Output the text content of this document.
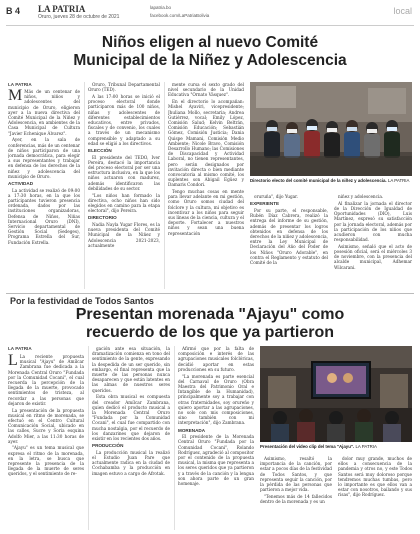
B 4 LA PATRIA
Oruro, jueves 28 de octubre de 2021
lapatria.bo
facebook.com/LaPatriaBolivia	local
Niños eligen al nuevo Comité
Municipal de la Niñez y Adolescencia
LA PATRIA

M Más de un centenar de niños, niños y adolescentes del municipio de Oruro, eligieron ayer a la nueva directiva del Comité Municipal de la Niñez y Adolescencia, en ambientes de la Casa Municipal de Cultura "Javier Echenique Álvarez".

Ayer, en la sala de conferencias, más de un centenar de niños participaron de una jornada democrática, para elegir a sus representantes y trabajar en defensa de los derechos de la niñez y adolescencia del municipio de Oruro.

ACTIVIDAD

La actividad se realizó de 09:00 a 17:30 horas, en la que los participantes tuvieron presencia ordenada, dados por las instituciones organizadoras, Defensa de Niños, Niñas Internacional Oruro (DNI), Servicio departamental de Gestión Social (Sedeges), Programa Estrella del Sur, Fundación Estrella.

Oruro, Tribunal Departamental Oruro (TED).

A las 17:00 horas se inició el proceso electoral donde participaron más de 100 niños, niñas y adolescentes de diferentes establecimientos educativos, entre privados, fiscales y de convenio, los cuales a través de un mecanismo comprensible y adaptado a su edad se eligió a los directivos.

ELECCIÓN

El presidente del TEDO, Iver Pereira, destacó la importancia del proceso electoral por ser una estructura inclusiva, en la que los niños actuaron con madurez, además identificaron las debilidades de su sector.

"Los niños han formado la directiva, ocho niños han sido elegidos en camino para la etapa electoral", dijo Pereira.

DIRECTORIO

Nadia Nayla Yugar Flores, es la nueva presidenta del Comité Municipal de la Niñez y Adolescencia 2021-2023, actualmente

mente cursa el sexto grado del nivel secundario de la Unidad Educativa "Ornato Vásquez".

En el directorio lo acompañan: Mishel Ayaviri, vicepresidente; Jhuliana Mollo, secretaria; Andrea Gutiérrez, vocal; Emily López, Comisión Salud; Kelvin Beltrán, Comisión Educación; Sebastián Gómez, Comisión Justicia; Dania Quispe Mamani, Comisión Medio Ambiente; Nicole Bravo, Comisión Desarrollo Humano; las Comisiones de Discapacidad y Actividad Laboral, no tienen representantes, pero serán designados por invitación directa o bien mediante convocatoria al mismo comité, los suplentes son Abigail Egüez y Damaris Condori.

Tengo muchas cosas en mente para llevar adelante en mi gestión, como Oruro somos ciudad del folclore y la cultura, mi objetivo es incentivar a los niños para seguir sus líneas de la ciencia, cultura y el deporte. Fortalecer a nuestros niños y sean una buena representación

Directorio electo del comité municipal de la niñez y adolescencia. LA PATRIA

oruruña", dijo Yugar.

EXPERIENTE

Por su parte, el responsable, Rubén Díaz Cabrera, realizó la entrega del informe de su gestión, además de presentar los logros obtenidos en defensa de los derechos de la niñez y adolescencia, entre la Ley Municipal de Declaración del Año del Poder de los Niños "Oruro Adorable", en contra el Reglamento y estatuto del Comité de la

niñez y adolescencia.

Al finalizar la jornada el director de la Dirección de Igualdad de Oportunidades (DIO), Luis Martínez, expresó su satisfacción por la jornada electoral, además por la participación de los niños que acudieron con mucha responsabilidad.

Asimismo, señaló que el acto de posesión oficial, será el miércoles 3 de noviembre, con la presencia del alcalde municipal, Adhemar Wilcarani.

Por la festividad de Todos Santos
Presentan morenada "Ajayu" como
recuerdo de los que ya partieron
LA PATRIA

L La reciente propuesta musical "Ajayu" de Amílcar Zambrana fue dedicada a la Morenada Central Oruro "Fundada por la Comunidad Cocani", el cual recuerda la percepción de la llegada de la muerte, provocado sentimientos de tristeza, al recordar a las personas que dejaron de existir.

La presentación de la propuesta musical en ritmo de morenada, se efectuó en el Centro Cultural Comunicación Social, ubicado en las calles, Sucre y Soria esquina Adolfo Mier, a las 11:30 horas de ayer.

"Ajayu" es un tema musical que expresa el ritmo de la morenada, en la letra, se busca que represente la presencia de la llegada de la muerte de seres queridos, y el sentimiento de re-

gación ante esa situación, la dramatización comienza en tono del sentimiento de la gente, expresando la despedida de un ser querido, sin embargo, el final representa que la muerte de las personas nunca desaparecen y que están latentes en las almas de nuestros seres queridos.

Esta obra musical es compuesta del creador Amílcar Zambrana, quien dedicó el producto musical a la Morenada Central Oruro "Fundada por la Comunidad Cocani", el cual fue compartido con mucha nostalgia, por el recuerdo de los danzarines que dejaron de existir en los recientes dos años.

PRODUCCIÓN

La producción musical la realizó el Estudio Juan Pare que actualmente radica en la ciudad de Cochabamba y la producción en imagen estuvo a cargo de Afrotak.

Afirmó que por la falta de composición e interés de las agrupaciones musicales folclóricas, decidió aportar en estas producciones en su futuro.

"La morenada es parte esencial del Carnaval de Oruro (Obra Maestra del Patrimonio Oral e Intangible de la Humanidad), principalmente soy a trabajar con otras fraternidades, soy orureño y quiero aportar a las agrupaciones, no solo con mis composiciones, sino también con mi interpretación", dijo Zambrana.

MORENADA

El presidente de la Morenada Central Oruro "Fundada por la Comunidad Cocani", Rolando Rodríguez, agradeció al compositor por el contenido de la propuesta musical, la misma que representa a los seres queridos que ya partieron y a través de la canción y la lengua son ahora parte de un gran homenaje.

Presentación del video clip del tema "Ajayu". LA PATRIA

Asimismo, resaltó la importancia de la canción, por estar a pocos días de la festividad de Todos Santos, y que representa seguir la canción, por la pérdida de las personas que partieron a mejor vida.

"Tenemos más de 14 fallecidos dentro de la morenada y es un

dolor muy grande, muchos de ellos a consecuencia de la pandemia y otros no, y este Todos Santos será muy doloroso porque tendremos muchas tumbas, pero lo importante es que ellos van a estar con nosotros, bailando y sus risas", dijo Rodríguez.
